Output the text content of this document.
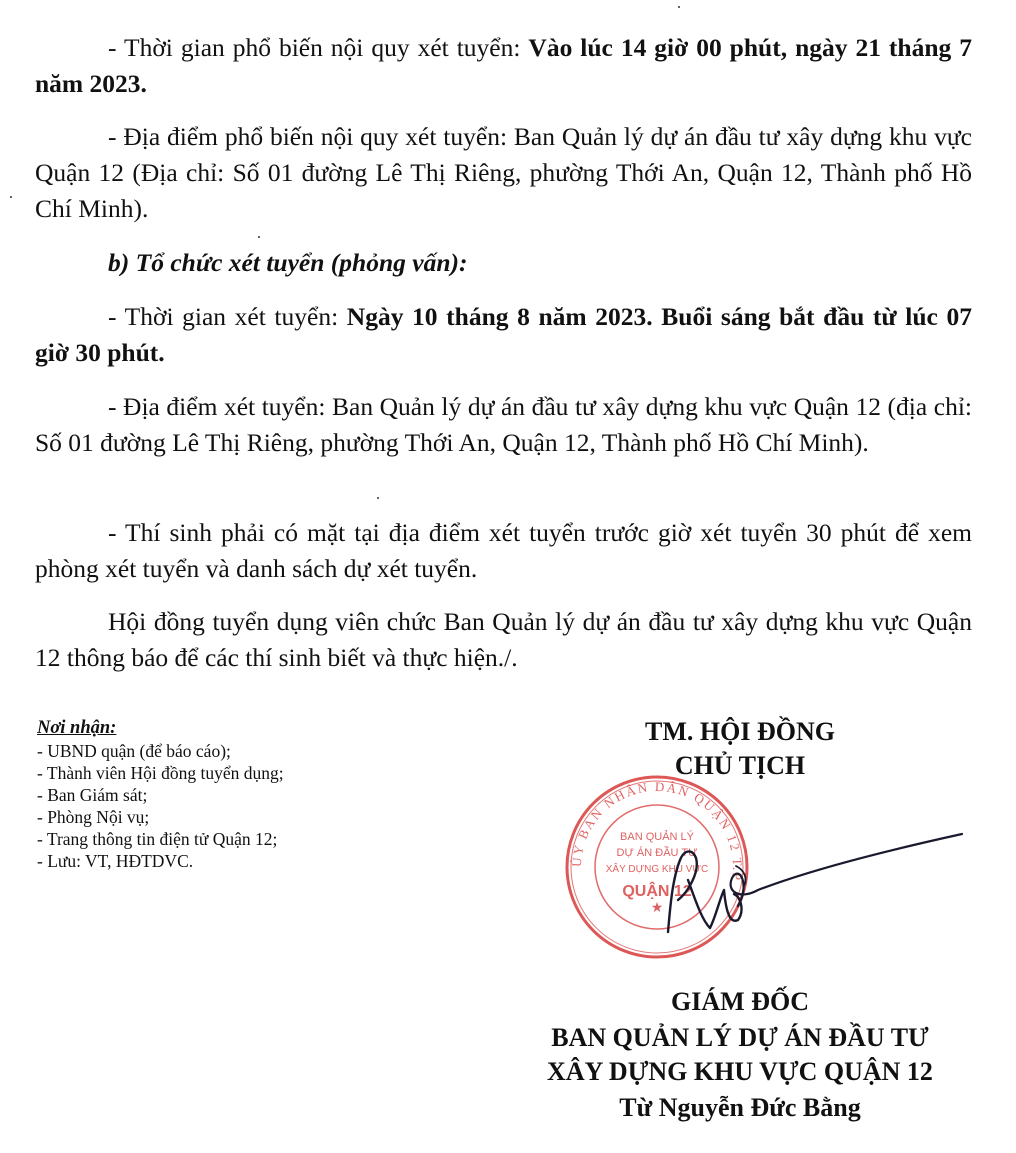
- Thời gian phổ biến nội quy xét tuyển: Vào lúc 14 giờ 00 phút, ngày 21 tháng 7 năm 2023.

- Địa điểm phổ biến nội quy xét tuyển: Ban Quản lý dự án đầu tư xây dựng khu vực Quận 12 (Địa chỉ: Số 01 đường Lê Thị Riêng, phường Thới An, Quận 12, Thành phố Hồ Chí Minh).

b) Tổ chức xét tuyển (phỏng vấn):

- Thời gian xét tuyển: Ngày 10 tháng 8 năm 2023. Buổi sáng bắt đầu từ lúc 07 giờ 30 phút.

- Địa điểm xét tuyển: Ban Quản lý dự án đầu tư xây dựng khu vực Quận 12 (địa chỉ: Số 01 đường Lê Thị Riêng, phường Thới An, Quận 12, Thành phố Hồ Chí Minh).

- Thí sinh phải có mặt tại địa điểm xét tuyển trước giờ xét tuyển 30 phút để xem phòng xét tuyển và danh sách dự xét tuyển.

Hội đồng tuyển dụng viên chức Ban Quản lý dự án đầu tư xây dựng khu vực Quận 12 thông báo để các thí sinh biết và thực hiện./.

Nơi nhận:
- UBND quận (để báo cáo);
- Thành viên Hội đồng tuyển dụng;
- Ban Giám sát;
- Phòng Nội vụ;
- Trang thông tin điện tử Quận 12;
- Lưu: VT, HĐTDVC.
TM. HỘI ĐỒNG
CHỦ TỊCH
ỦY BAN NHÂN DÂN QUẬN 12 T.P
BAN QUẢN LÝ
DỰ ÁN ĐẦU TƯ
XÂY DỰNG KHU VỰC
QUẬN 12
★
GIÁM ĐỐC
BAN QUẢN LÝ DỰ ÁN ĐẦU TƯ
XÂY DỰNG KHU VỰC QUẬN 12
Từ Nguyễn Đức Bằng
